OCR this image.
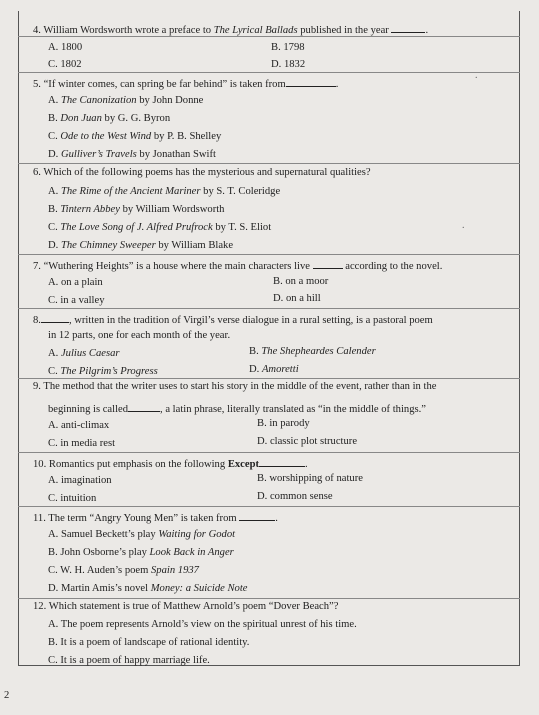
.
.
4. William Wordsworth wrote a preface to The Lyrical Ballads published in the year	.
A. 1800	B. 1798
C. 1802	D. 1832
5. “If winter comes, can spring be far behind” is taken from	.
A. The Canonization by John Donne
B. Don Juan by G. G. Byron
C. Ode to the West Wind by P. B. Shelley
D. Gulliver’s Travels by Jonathan Swift
6. Which of the following poems has the mysterious and supernatural qualities?
A. The Rime of the Ancient Mariner by S. T. Coleridge
B. Tintern Abbey by William Wordsworth
C. The Love Song of J. Alfred Prufrock by T. S. Eliot
D. The Chimney Sweeper by William Blake
7. “Wuthering Heights” is a house where the main characters live	according to the novel.
A. on a plain	B. on a moor
C. in a valley	D. on a hill
8.	, written in the tradition of Virgil’s verse dialogue in a rural setting, is a pastoral poem
in 12 parts, one for each month of the year.
A. Julius Caesar	B. The Shepheardes Calender
C. The Pilgrim’s Progress	D. Amoretti
9. The method that the writer uses to start his story in the middle of the event, rather than in the
beginning is called	, a latin phrase, literally translated as “in the middle of things.”
A. anti-climax	B. in parody
C. in media rest	D. classic plot structure
10. Romantics put emphasis on the following Except	.
A. imagination	B. worshipping of nature
C. intuition	D. common sense
11. The term “Angry Young Men” is taken from	.
A. Samuel Beckett’s play Waiting for Godot
B. John Osborne’s play Look Back in Anger
C. W. H. Auden’s poem Spain 1937
D. Martin Amis’s novel Money: a Suicide Note
12. Which statement is true of Matthew Arnold’s poem “Dover Beach”?
A. The poem represents Arnold’s view on the spiritual unrest of his time.
B. It is a poem of landscape of rational identity.
C. It is a poem of happy marriage life.
2
